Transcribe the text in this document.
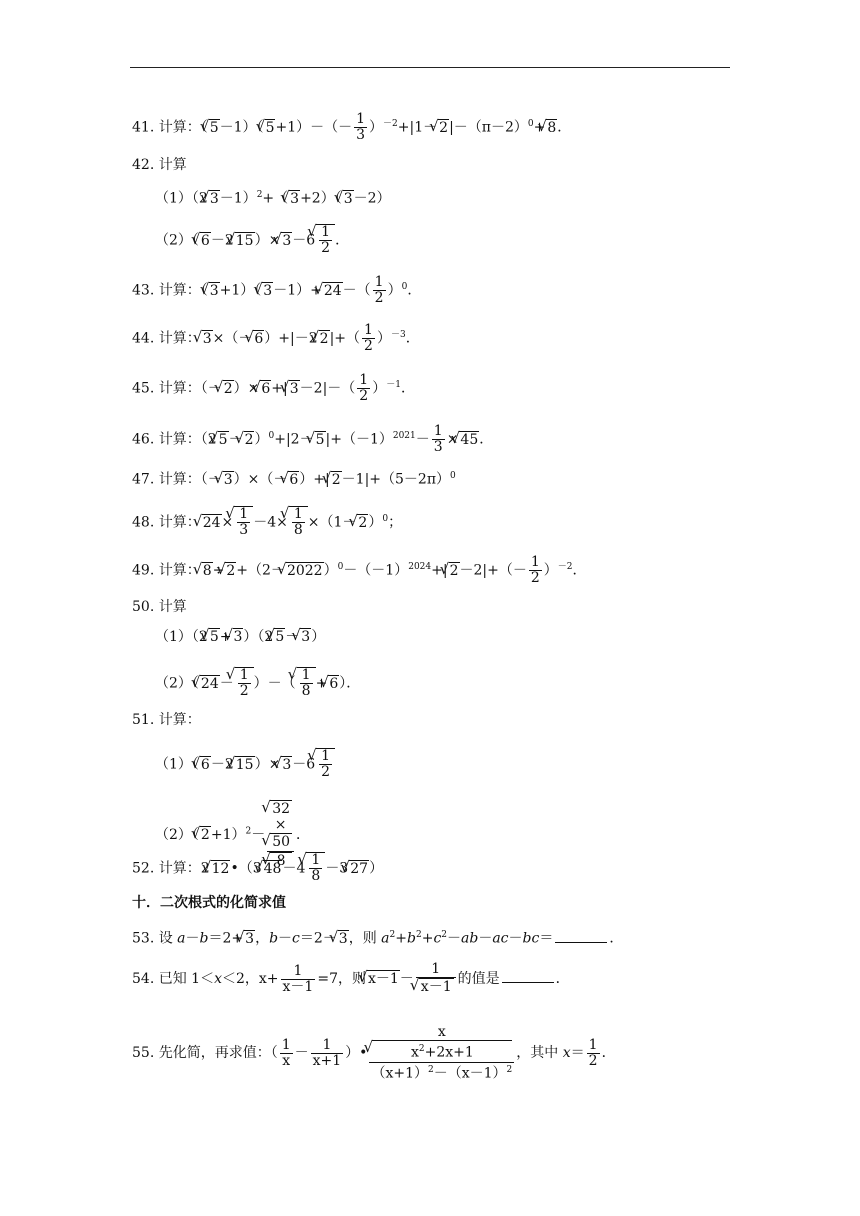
41. 计算：（√ 5－1）（√ $5+1)-(- \frac{1}{3} )^{-2}+|1-√$ $2|-(\pi-2)^0+√$ 8．
42. 计算
（1）（2√ 3－1）$^2$+（√ 3+2）（√ 3－2）
（2）（√ 6－2√ 15）×√ 3－6
√ $\frac{1}{2}$ ．
43. 计算：（√ 3+1）（√ 3－1）+√ $24-( \frac{1}{2} )^0$．
44. 计算：√ 3×（－√ 6）+|－2√ $2|+( \frac{1}{2} )^{-3}$．
45. 计算：（－√ 2）×√ 6+|√ $3-2|-( \frac{1}{2} )^{-1}$．
46. 计算：（2√ 5－√ 2）$^0$+|2－√ $5|+(-1)^{2021}- \frac{1}{3}$ ×√ 45．
47. 计算：（－√ 3）×（－√ 6）+|√ $2-1|+(5-2\pi)^0$
48. 计算：√ 24×
√ $\frac{1}{3} -4\times$
√ $\frac{1}{8} \times(1-√$ 2）$^0$；
49. 计算：√ 8÷√ 2+（2－√ $2022)^0-(-1)^{2024}+|√$ $2-2|+(- \frac{1}{2} )^{-2}$．
50. 计算
（1）（2√ 5+√ 3）（2√ 5－√ 3）
（2）（√ 24－
√ $\frac{1}{2}$ ）－（
√ $\frac{1}{8}$ +√ 6）．
51. 计算：
（1）（√ 6－2√ 15）×√ 3－6
√ $\frac{1}{2}$
（2）（√ 2+1）$^2$－
√ 32
×
√ 50
√ 8 ．
52. 计算：2√ 12•（3√ 48－4
√ $\frac{1}{8} -3√$ 27）
十．二次根式的化简求值
53. 设 a－b＝2+√ 3，b－c＝2－√ 3，则 $a^2+b^2+c^2-ab-ac-bc=$	．
54. 已知 1＜x＜2，$x+ \frac{1}{x-1} =7$，则√ x－1－ 1
√ x－1 的值是	．
55. 先化简，再求值：（ $\frac{1}{x} - \frac{1}{x+1}$ ）• x
√ $x^2+2x+1$
$(x+1)^2-(x-1)^2$ ，其中 $x= \frac{1}{2}$ ．
